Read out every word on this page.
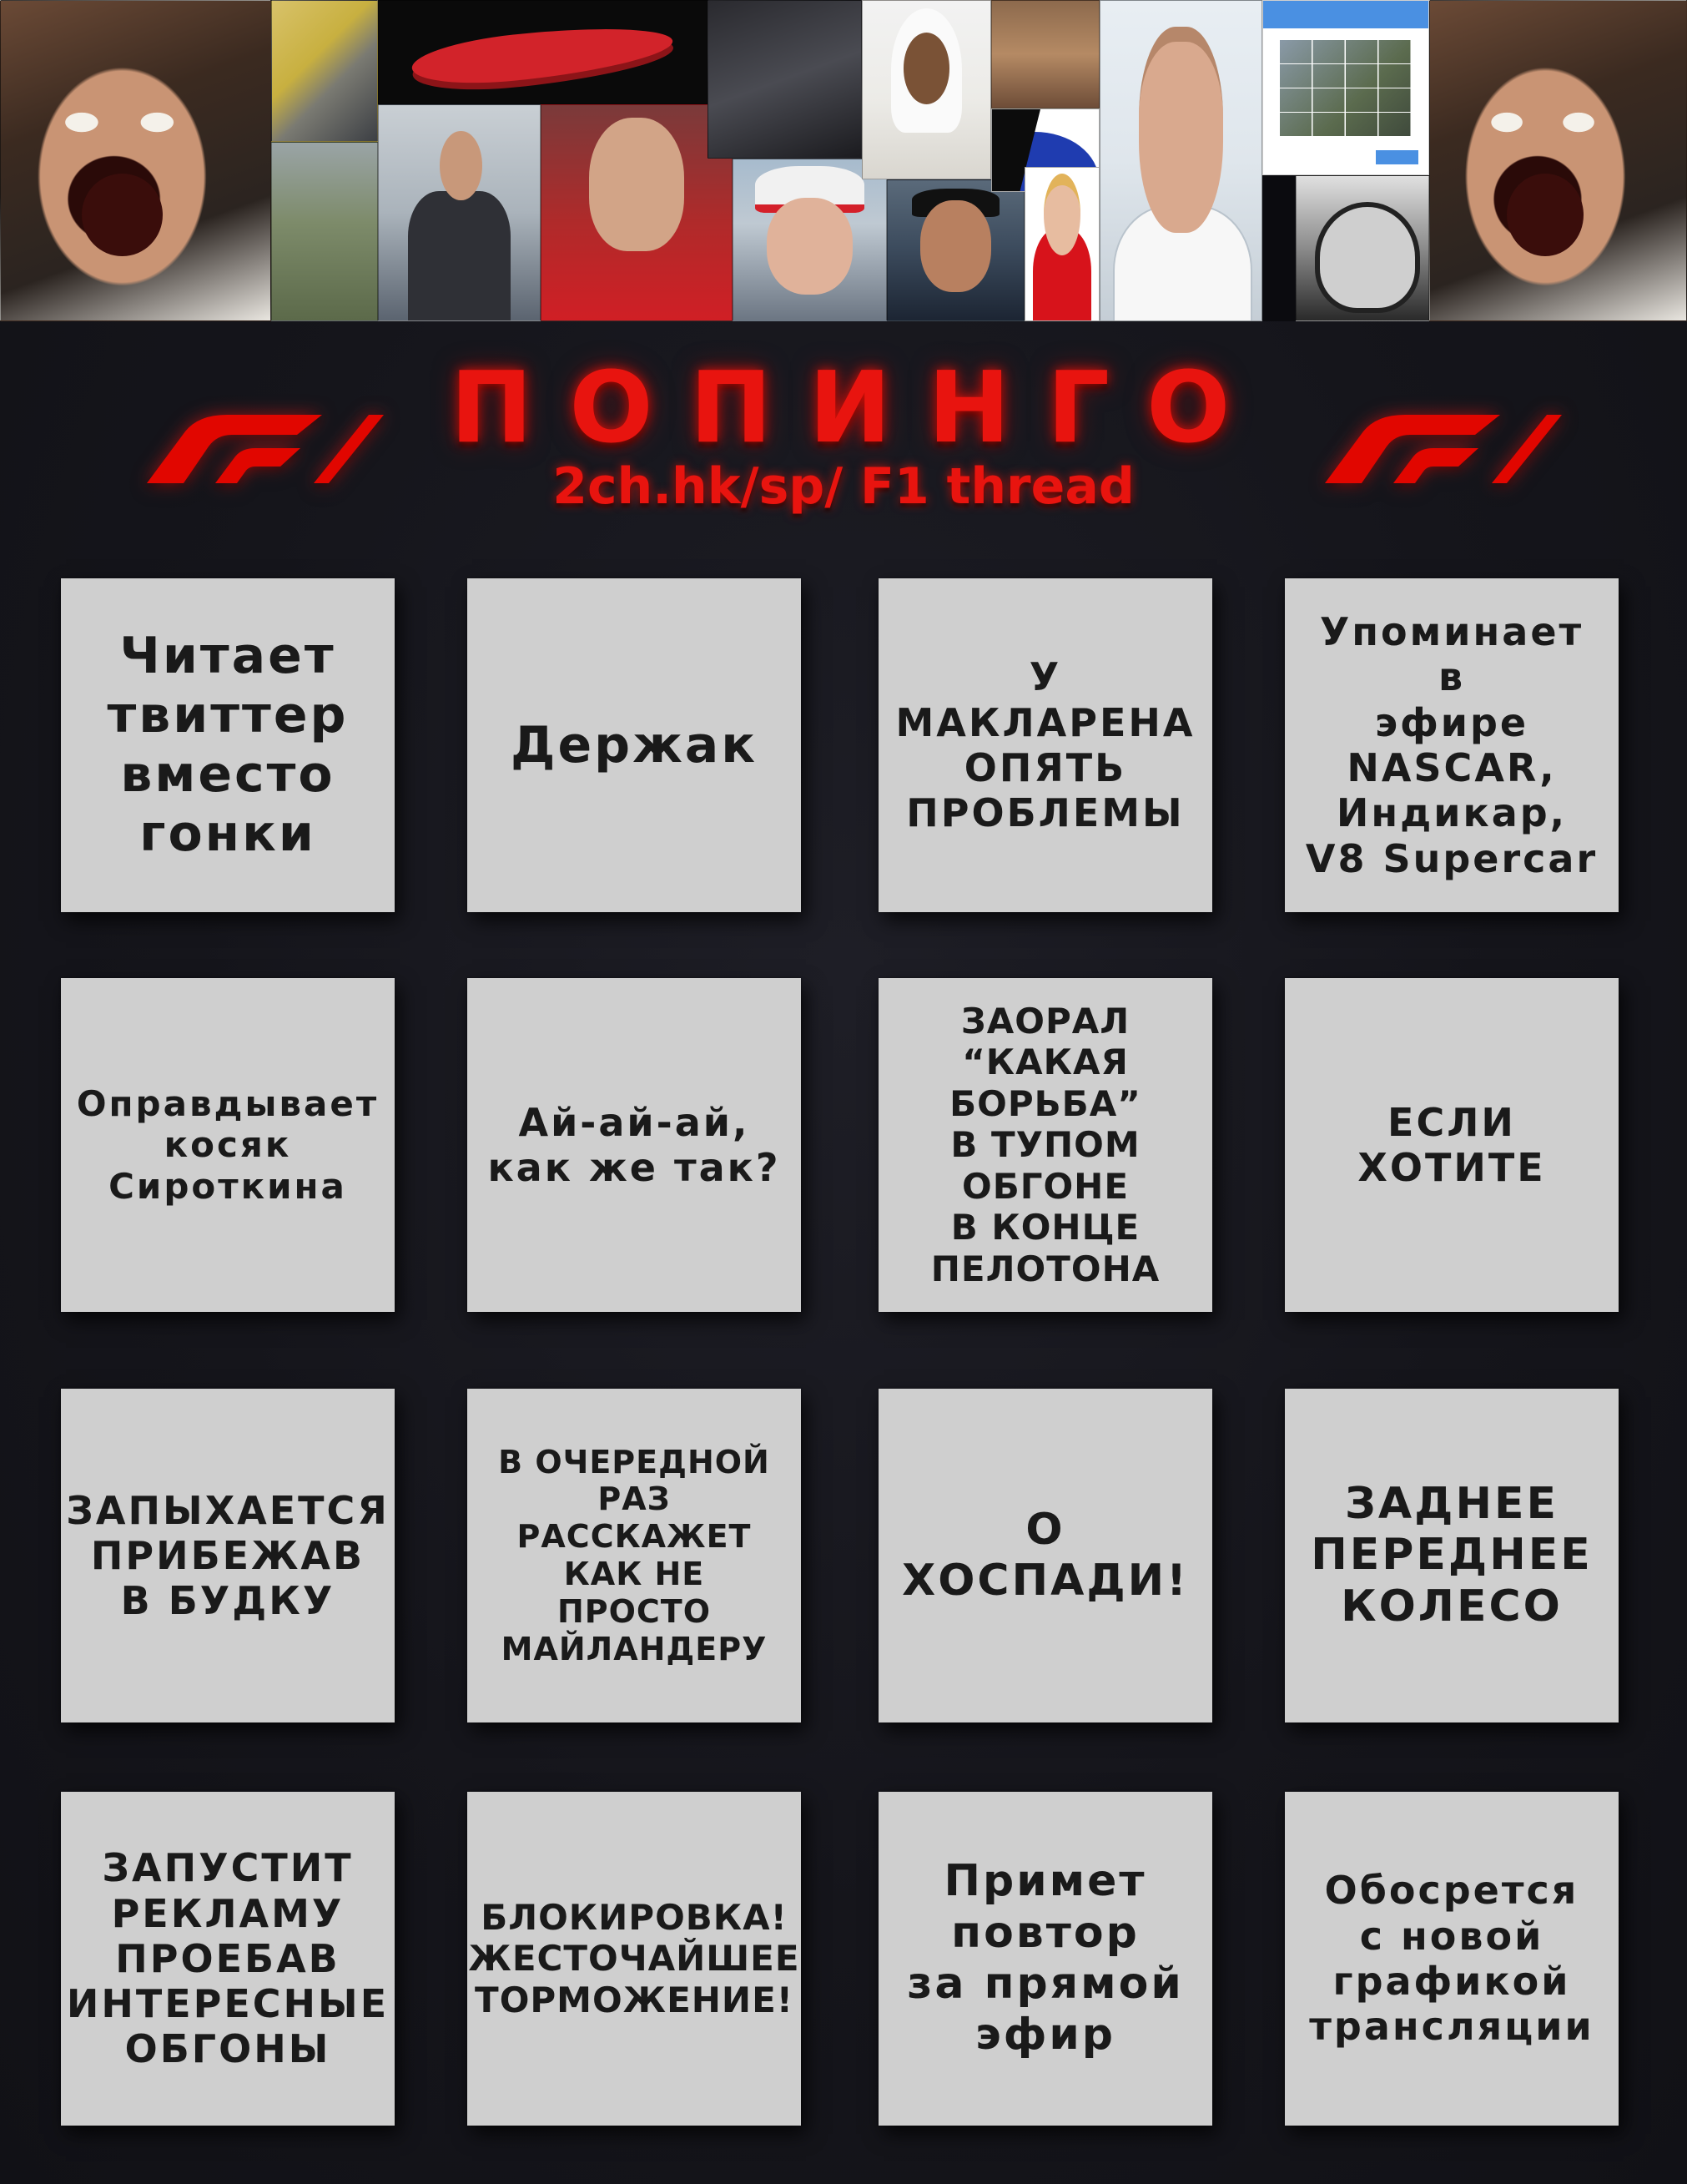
ПОПИНГО
2ch.hk/sp/ F1 thread
Читает
твиттер
вместо
гонки
Держак
У МАКЛАРЕНА
ОПЯТЬ
ПРОБЛЕМЫ
Упоминает в
эфире
NASCAR,
Индикар,
V8 Supercar
Оправдывает
косяк
Сироткина
Ай-ай-ай,
как же так?
ЗАОРАЛ
“КАКАЯ БОРЬБА”
В ТУПОМ ОБГОНЕ
В КОНЦЕ
ПЕЛОТОНА
ЕСЛИ ХОТИТЕ
ЗАПЫХАЕТСЯ
ПРИБЕЖАВ
В БУДКУ
В ОЧЕРЕДНОЙ
РАЗ РАССКАЖЕТ
КАК НЕ ПРОСТО
МАЙЛАНДЕРУ
О ХОСПАДИ!
ЗАДНЕЕ
ПЕРЕДНЕЕ
КОЛЕСО
ЗАПУСТИТ
РЕКЛАМУ
ПРОЕБАВ
ИНТЕРЕСНЫЕ
ОБГОНЫ
БЛОКИРОВКА!
ЖЕСТОЧАЙШЕЕ
ТОРМОЖЕНИЕ!
Примет
повтор
за прямой
эфир
Обосрется
с новой
графикой
трансляции
